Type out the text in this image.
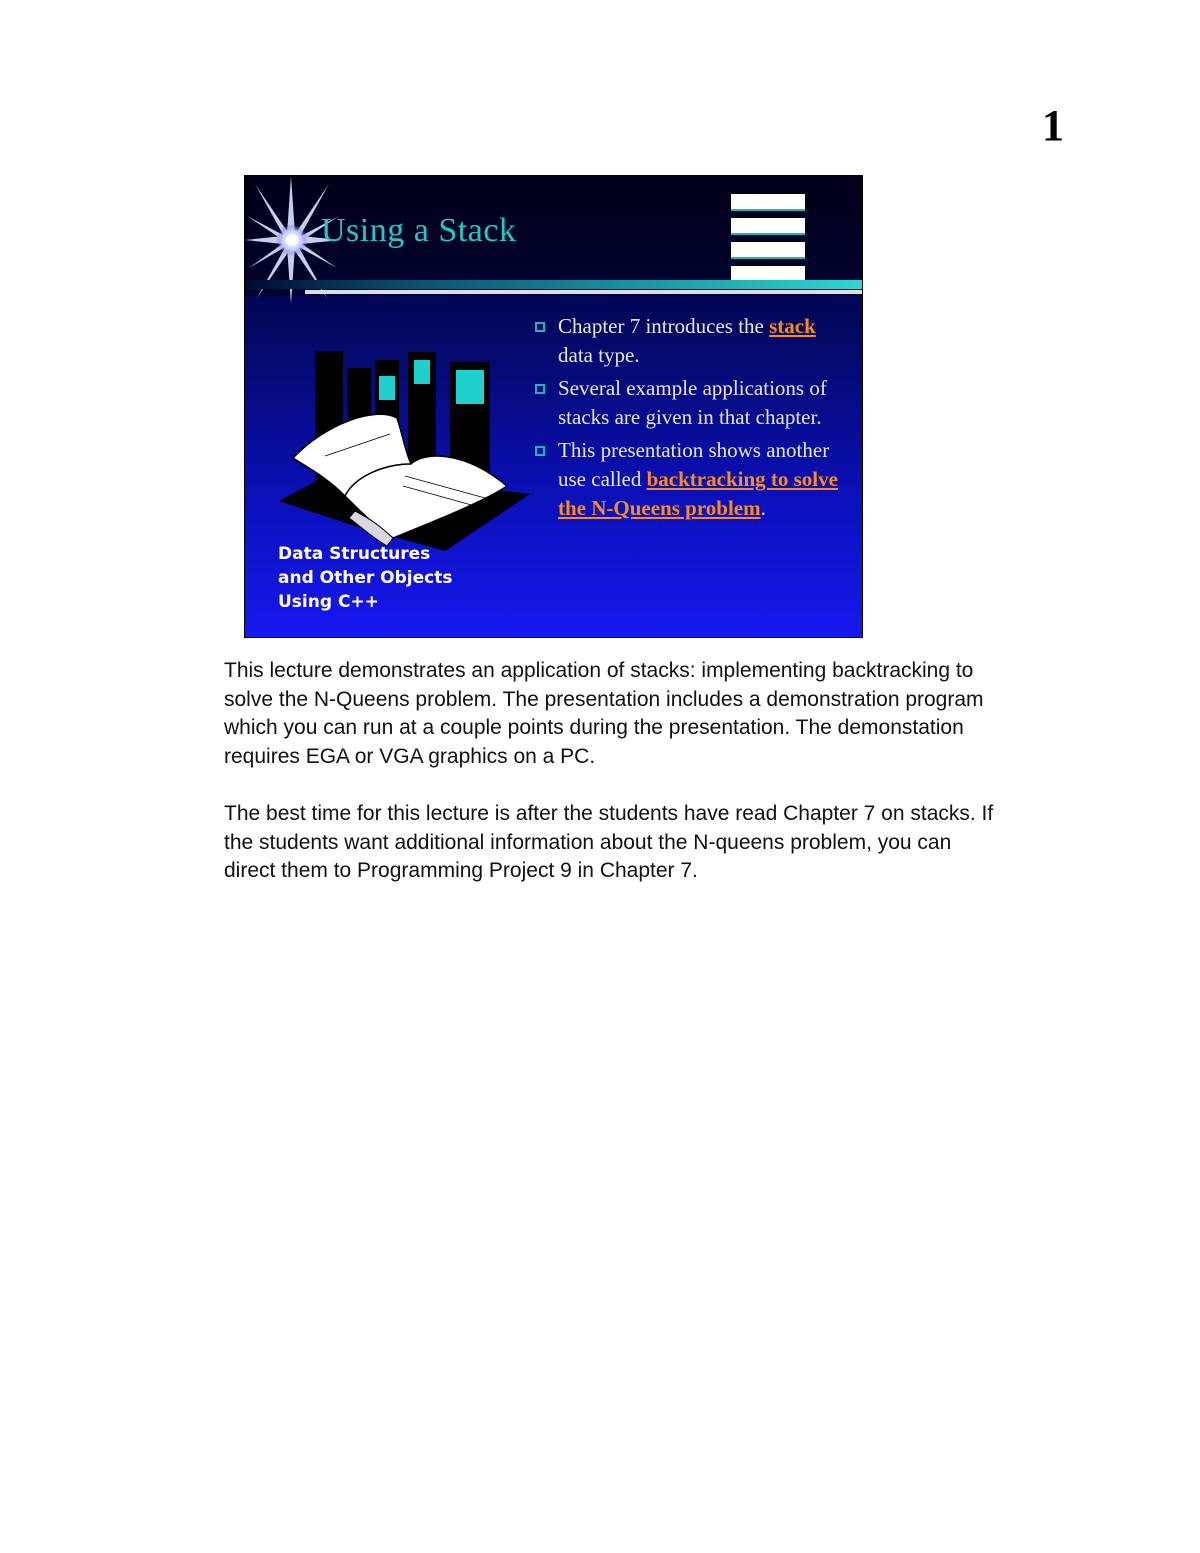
1
Using a Stack
Data Structures
and Other Objects
Using C++
Chapter 7 introduces the stack data type.
Several example applications of stacks are given in that chapter.
This presentation shows another use called backtracking to solve the N-Queens problem.

This lecture demonstrates an application of stacks: implementing backtracking to solve the N-Queens problem. The presentation includes a demonstration program which you can run at a couple points during the presentation. The demonstation requires EGA or VGA graphics on a PC.

The best time for this lecture is after the students have read Chapter 7 on stacks. If the students want additional information about the N-queens problem, you can direct them to Programming Project 9 in Chapter 7.
